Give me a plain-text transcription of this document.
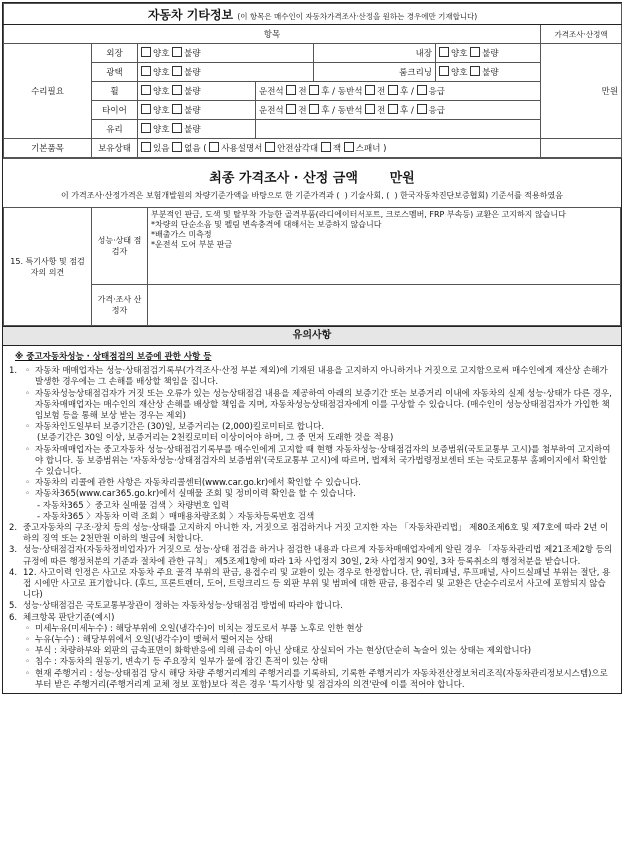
자동차 기타정보 (이 항목은 매수인이 자동차가격조사·산정을 원하는 경우에만 기재합니다)						
항목						가격조사·산정액
수리필요	외장	양호 불량		내장	양호 불량	만원
	광택	양호 불량		룸크리닝	양호 불량	
	휠	양호 불량	운전석 전 후 / 동반석 전 후 / 응급			
	타이어	양호 불량	운전석 전 후 / 동반석 전 후 / 응급			
	유리	양호 불량				
기본품목	보유상태	있음 없음 ( 사용설명서 안전삼각대 잭 스패너 )				
최종 가격조사 · 산정 금액 만원
이 가격조사·산정가격은 보험개발원의 차량기준가액을 바탕으로 한 기준가격과 ( ) 기술사회, ( ) 한국자동차진단보증협회) 기준서를 적용하였음
15. 특기사항 및 점검자의 의견	성능·상태 점검자	부분적인 판금, 도색 및 탈부착 가능한 골격부품(라디에이터서포트, 크로스멤버, FRP 부속등) 교환은 고지하지 않습니다
*차량의 단순소음 및 펠림 변속충격에 대해서는 보증하지 않습니다
*배출가스 미측정
*운전석 도어 부분 판금

	가격·조사 산정자	
유의사항
※ 중고자동차성능 · 상태점검의 보증에 관한 사항 등
1.	◦ 자동차 매매업자는 성능·상태점검기록부(가격조사·산정 부분 제외)에 기재된 내용을 고지하지 아니하거나 거짓으로 고지함으로써 매수인에게 재산상 손해가 발생한 경우에는 그 손해를 배상할 책임을 집니다.
◦ 자동차성능상태점검자가 거짓 또는 오류가 있는 성능상태점검 내용을 제공하여 아래의 보증기간 또는 보증거리 이내에 자동차의 실제 성능·상태가 다른 경우, 자동차매매업자는 매수인의 재산상 손해를 배상할 책임을 지며, 자동차성능상태점검자에게 이를 구상할 수 있습니다. (매수인이 성능상태점검자가 가입한 책임보험 등을 통해 보상 받는 경우는 제외)
◦ 자동차인도일부터 보증기간은 (30)일, 보증거리는 (2,000)킬로미터로 합니다.
(보증기간은 30일 이상, 보증거리는 2천킬로미터 이상이어야 하며, 그 중 먼저 도래한 것을 적용)
◦ 자동차매매업자는 중고자동차 성능·상태점검기록부를 매수인에게 고지할 때 현행 자동차성능·상태점검자의 보증범위(국토교통부 고시)를 첨부하여 고지하여야 합니다. 동 보증범위는 '자동차성능·상태점검자의 보증범위'(국토교통부 고시)에 따르며, 법제처 국가법령정보센터 또는 국토교통부 홈페이지에서 확인할 수 있습니다.
◦ 자동차의 리콜에 관한 사항은 자동차리콜센터(www.car.go.kr)에서 확인할 수 있습니다.
◦ 자동차365(www.car365.go.kr)에서 실매물 조회 및 정비이력 확인을 할 수 있습니다.
- 자동차365 〉중고차 실매물 검색 〉차량번호 입력
- 자동차365 〉자동차 이력 조회 〉매매용차량조회 〉자동차등록번호 검색
2. 중고자동차의 구조·장치 등의 성능·상태를 고지하지 아니한 자, 거짓으로 점검하거나 거짓 고지한 자는 「자동차관리법」 제80조제6호 및 제7호에 따라 2년 이하의 징역 또는 2천만원 이하의 벌금에 처합니다.
3. 성능·상태점검자(자동차정비업자)가 거짓으로 성능·상태 점검을 하거나 점검한 내용과 다르게 자동차매매업자에게 알린 경우 「자동차관리법 제21조제2항 등의 규정에 따른 행정처분의 기준과 절차에 관한 규칙」 제5조제1항에 따라 1차 사업정지 30일, 2차 사업정지 90일, 3차 등록취소의 행정처분을 받습니다.
4. 12. 사고이력 인정은 사고로 자동차 주요 골격 부위의 판금, 용접수리 및 교환이 있는 경우로 한정합니다. 단, 쿼터패널, 루프패널, 사이드실패널 부위는 절단, 용접 시에만 사고로 표기합니다. (후드, 프론트펜더, 도어, 트렁크리드 등 외판 부위 및 범퍼에 대한 판금, 용접수리 및 교환은 단순수리로서 사고에 포함되지 않습니다)
5. 성능·상태점검은 국토교통부장관이 정하는 자동차성능·상태점검 방법에 따라야 합니다.
6. 체크항목 판단기준(예시)
◦ 미세누유(미세누수) : 해당부위에 오일(냉각수)이 비치는 정도로서 부품 노후로 인한 현상
◦ 누유(누수) : 해당부위에서 오일(냉각수)이 맺혀서 떨어지는 상태
◦ 부식 : 차량하부와 외판의 금속표면이 화학반응에 의해 금속이 아닌 상태로 상실되어 가는 현상(단순히 녹슬어 있는 상태는 제외합니다)
◦ 침수 : 자동차의 원동기, 변속기 등 주요장치 일부가 물에 잠긴 흔적이 있는 상태
◦ 현재 주행거리 : 성능·상태점검 당시 해당 차량 주행거리계의 주행거리를 기록하되, 기록한 주행거리가 자동차전산정보처리조직(자동차관리정보시스템)으로부터 받은 주행거리(주행거리계 교체 정보 포함)보다 적은 경우 '특기사항 및 점검자의 의견'란에 이를 적어야 합니다.
